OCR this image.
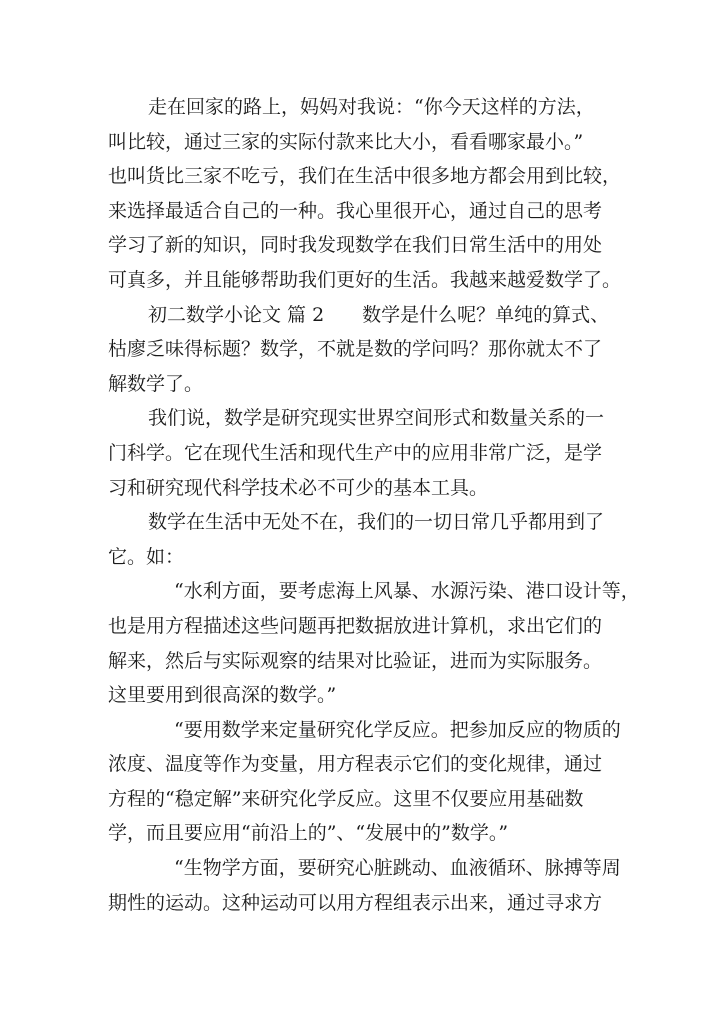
走在回家的路上，妈妈对我说：“你今天这样的方法，
叫比较，通过三家的实际付款来比大小，看看哪家最小。”
也叫货比三家不吃亏，我们在生活中很多地方都会用到比较，
来选择最适合自己的一种。我心里很开心，通过自己的思考
学习了新的知识，同时我发现数学在我们日常生活中的用处
可真多，并且能够帮助我们更好的生活。我越来越爱数学了。
初二数学小论文 篇 2 数学是什么呢？单纯的算式、
枯廖乏味得标题？数学，不就是数的学问吗？那你就太不了
解数学了。
我们说，数学是研究现实世界空间形式和数量关系的一
门科学。它在现代生活和现代生产中的应用非常广泛，是学
习和研究现代科学技术必不可少的基本工具。
数学在生活中无处不在，我们的一切日常几乎都用到了
它。如：
“水利方面，要考虑海上风暴、水源污染、港口设计等，
也是用方程描述这些问题再把数据放进计算机，求出它们的
解来，然后与实际观察的结果对比验证，进而为实际服务。
这里要用到很高深的数学。”
“要用数学来定量研究化学反应。把参加反应的物质的
浓度、温度等作为变量，用方程表示它们的变化规律，通过
方程的“稳定解”来研究化学反应。这里不仅要应用基础数
学，而且要应用“前沿上的”、“发展中的”数学。”
“生物学方面，要研究心脏跳动、血液循环、脉搏等周
期性的运动。这种运动可以用方程组表示出来，通过寻求方
